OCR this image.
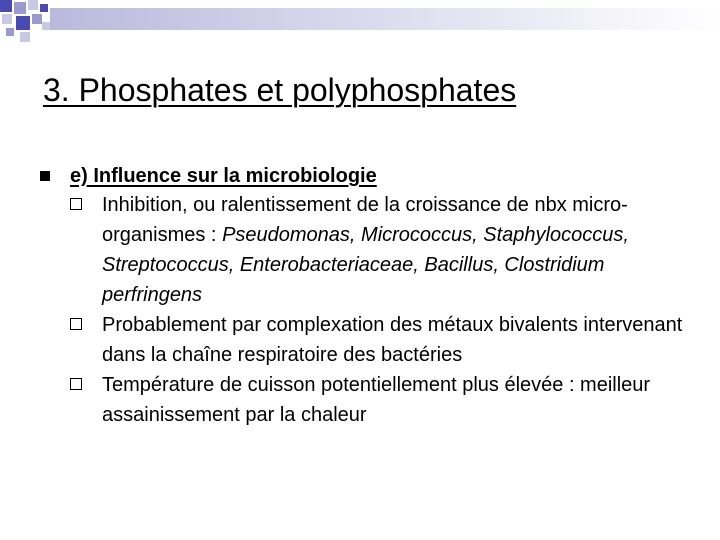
3. Phosphates et polyphosphates
e) Influence sur la microbiologie
Inhibition, ou ralentissement de la croissance de nbx micro-organismes : Pseudomonas, Micrococcus, Staphylococcus, Streptococcus, Enterobacteriaceae, Bacillus, Clostridium perfringens
Probablement par complexation des métaux bivalents intervenant dans la chaîne respiratoire des bactéries
Température de cuisson potentiellement plus élevée : meilleur assainissement par la chaleur
